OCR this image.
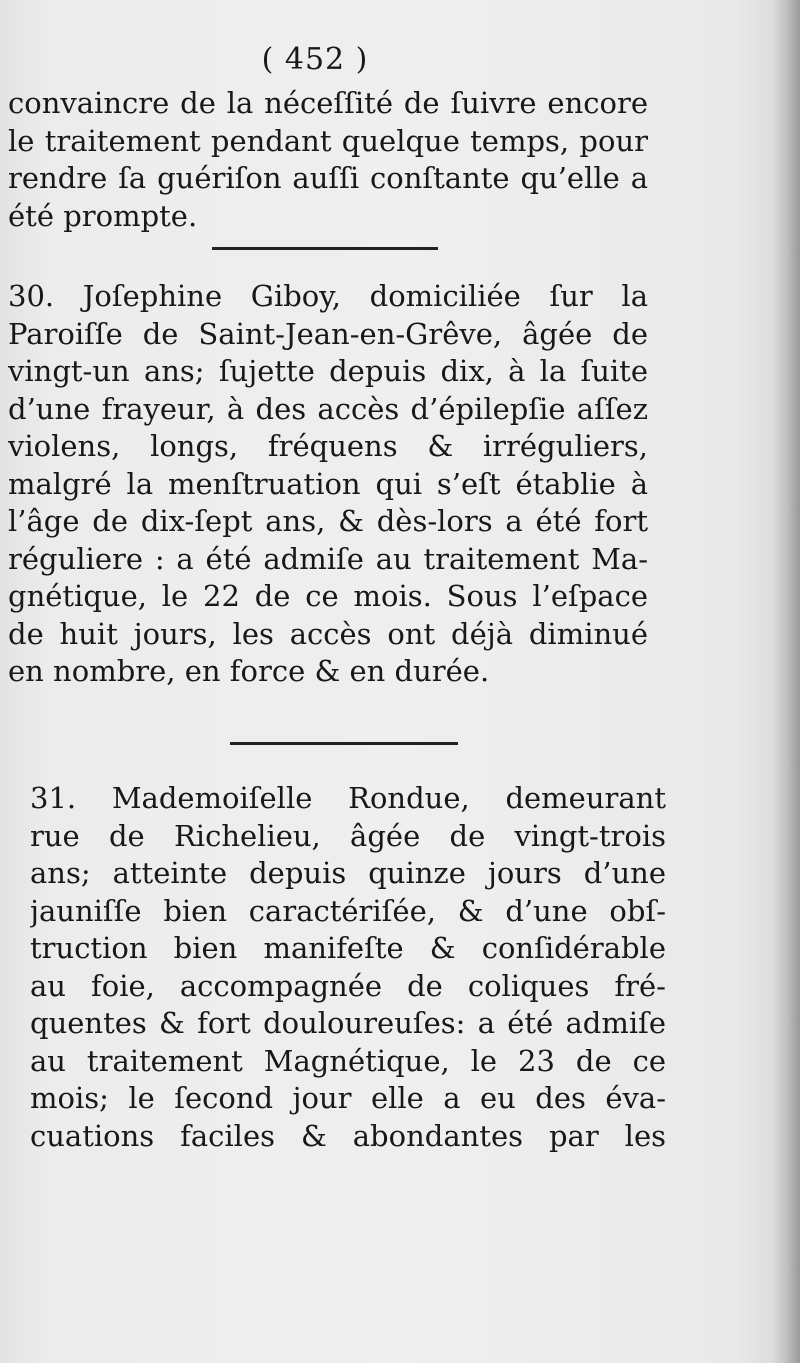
( 452 )
convaincre de la néceſſité de ſuivre encore
le traitement pendant quelque temps, pour
rendre ſa guériſon auſſi conſtante qu’elle a
été prompte.
30. Joſephine Giboy, domiciliée ſur la
Paroiſſe de Saint-Jean-en-Grêve, âgée de
vingt-un ans; ſujette depuis dix, à la ſuite
d’une frayeur, à des accès d’épilepſie aſſez
violens, longs, fréquens & irréguliers,
malgré la menſtruation qui s’eſt établie à
l’âge de dix-ſept ans, & dès-lors a été fort
réguliere : a été admiſe au traitement Ma-
gnétique, le 22 de ce mois. Sous l’eſpace
de huit jours, les accès ont déjà diminué
en nombre, en force & en durée.
31. Mademoiſelle Rondue, demeurant
rue de Richelieu, âgée de vingt-trois
ans; atteinte depuis quinze jours d’une
jauniſſe bien caractériſée, & d’une obſ-
truction bien manifeſte & conſidérable
au foie, accompagnée de coliques fré-
quentes & fort douloureuſes: a été admiſe
au traitement Magnétique, le 23 de ce
mois; le ſecond jour elle a eu des éva-
cuations faciles & abondantes par les
